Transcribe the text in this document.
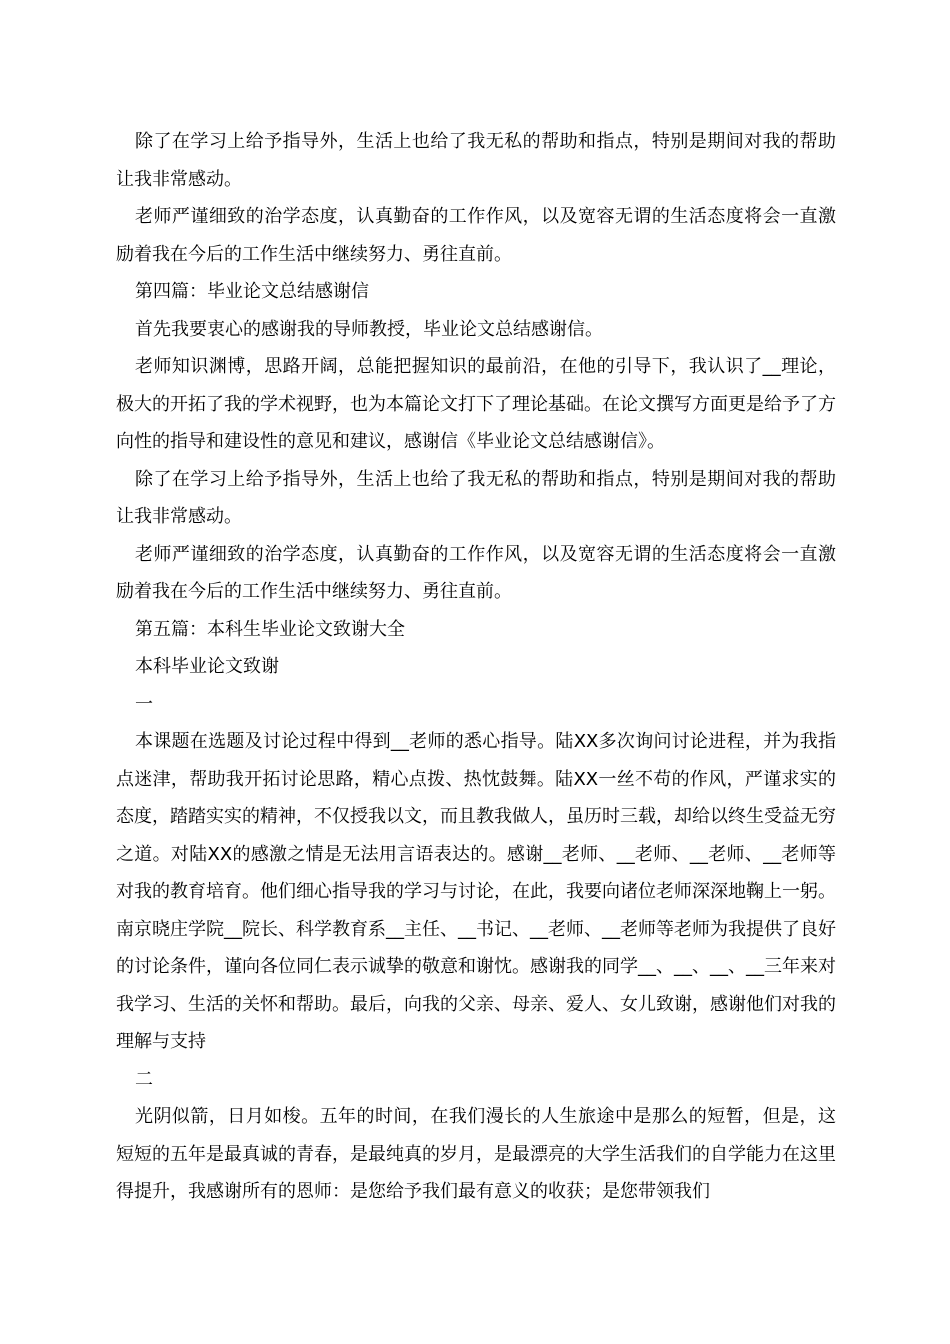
除了在学习上给予指导外，生活上也给了我无私的帮助和指点，特别是期间对我的帮助让我非常感动。

老师严谨细致的治学态度，认真勤奋的工作作风，以及宽容无谓的生活态度将会一直激励着我在今后的工作生活中继续努力、勇往直前。

第四篇：毕业论文总结感谢信

首先我要衷心的感谢我的导师教授，毕业论文总结感谢信。

老师知识渊博，思路开阔，总能把握知识的最前沿，在他的引导下，我认识了__理论，极大的开拓了我的学术视野，也为本篇论文打下了理论基础。在论文撰写方面更是给予了方向性的指导和建设性的意见和建议，感谢信《毕业论文总结感谢信》。

除了在学习上给予指导外，生活上也给了我无私的帮助和指点，特别是期间对我的帮助让我非常感动。

老师严谨细致的治学态度，认真勤奋的工作作风，以及宽容无谓的生活态度将会一直激励着我在今后的工作生活中继续努力、勇往直前。

第五篇：本科生毕业论文致谢大全

本科毕业论文致谢

一

本课题在选题及讨论过程中得到__老师的悉心指导。陆XX多次询问讨论进程，并为我指点迷津，帮助我开拓讨论思路，精心点拨、热忱鼓舞。陆XX一丝不苟的作风，严谨求实的态度，踏踏实实的精神，不仅授我以文，而且教我做人，虽历时三载，却给以终生受益无穷之道。对陆XX的感激之情是无法用言语表达的。感谢__老师、__老师、__老师、__老师等对我的教育培育。他们细心指导我的学习与讨论，在此，我要向诸位老师深深地鞠上一躬。南京晓庄学院__院长、科学教育系__主任、__书记、__老师、__老师等老师为我提供了良好的讨论条件，谨向各位同仁表示诚挚的敬意和谢忱。感谢我的同学__、__、__、__三年来对我学习、生活的关怀和帮助。最后，向我的父亲、母亲、爱人、女儿致谢，感谢他们对我的理解与支持

二

光阴似箭，日月如梭。五年的时间，在我们漫长的人生旅途中是那么的短暂，但是，这短短的五年是最真诚的青春，是最纯真的岁月，是最漂亮的大学生活我们的自学能力在这里得提升，我感谢所有的恩师：是您给予我们最有意义的收获；是您带领我们
